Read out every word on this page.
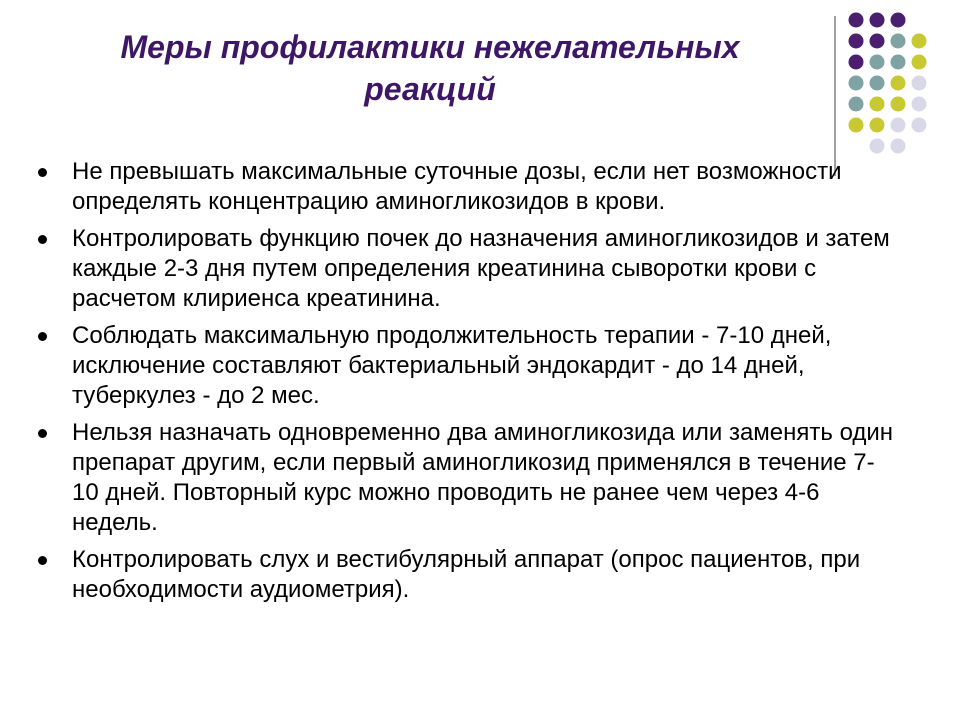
Меры профилактики нежелательных
реакций
Не превышать максимальные суточные дозы, если нет возможности определять концентрацию аминогликозидов в крови.
Контролировать функцию почек до назначения аминогликозидов и затем каждые 2-3 дня путем определения креатинина сыворотки крови с расчетом клириенса креатинина.
Соблюдать максимальную продолжительность терапии - 7-10 дней, исключение составляют бактериальный эндокардит - до 14 дней, туберкулез - до 2 мес.
Нельзя назначать одновременно два аминогликозида или заменять один препарат другим, если первый аминогликозид применялся в течение 7-10 дней. Повторный курс можно проводить не ранее чем через 4-6 недель.
Контролировать слух и вестибулярный аппарат (опрос пациентов, при необходимости аудиометрия).
